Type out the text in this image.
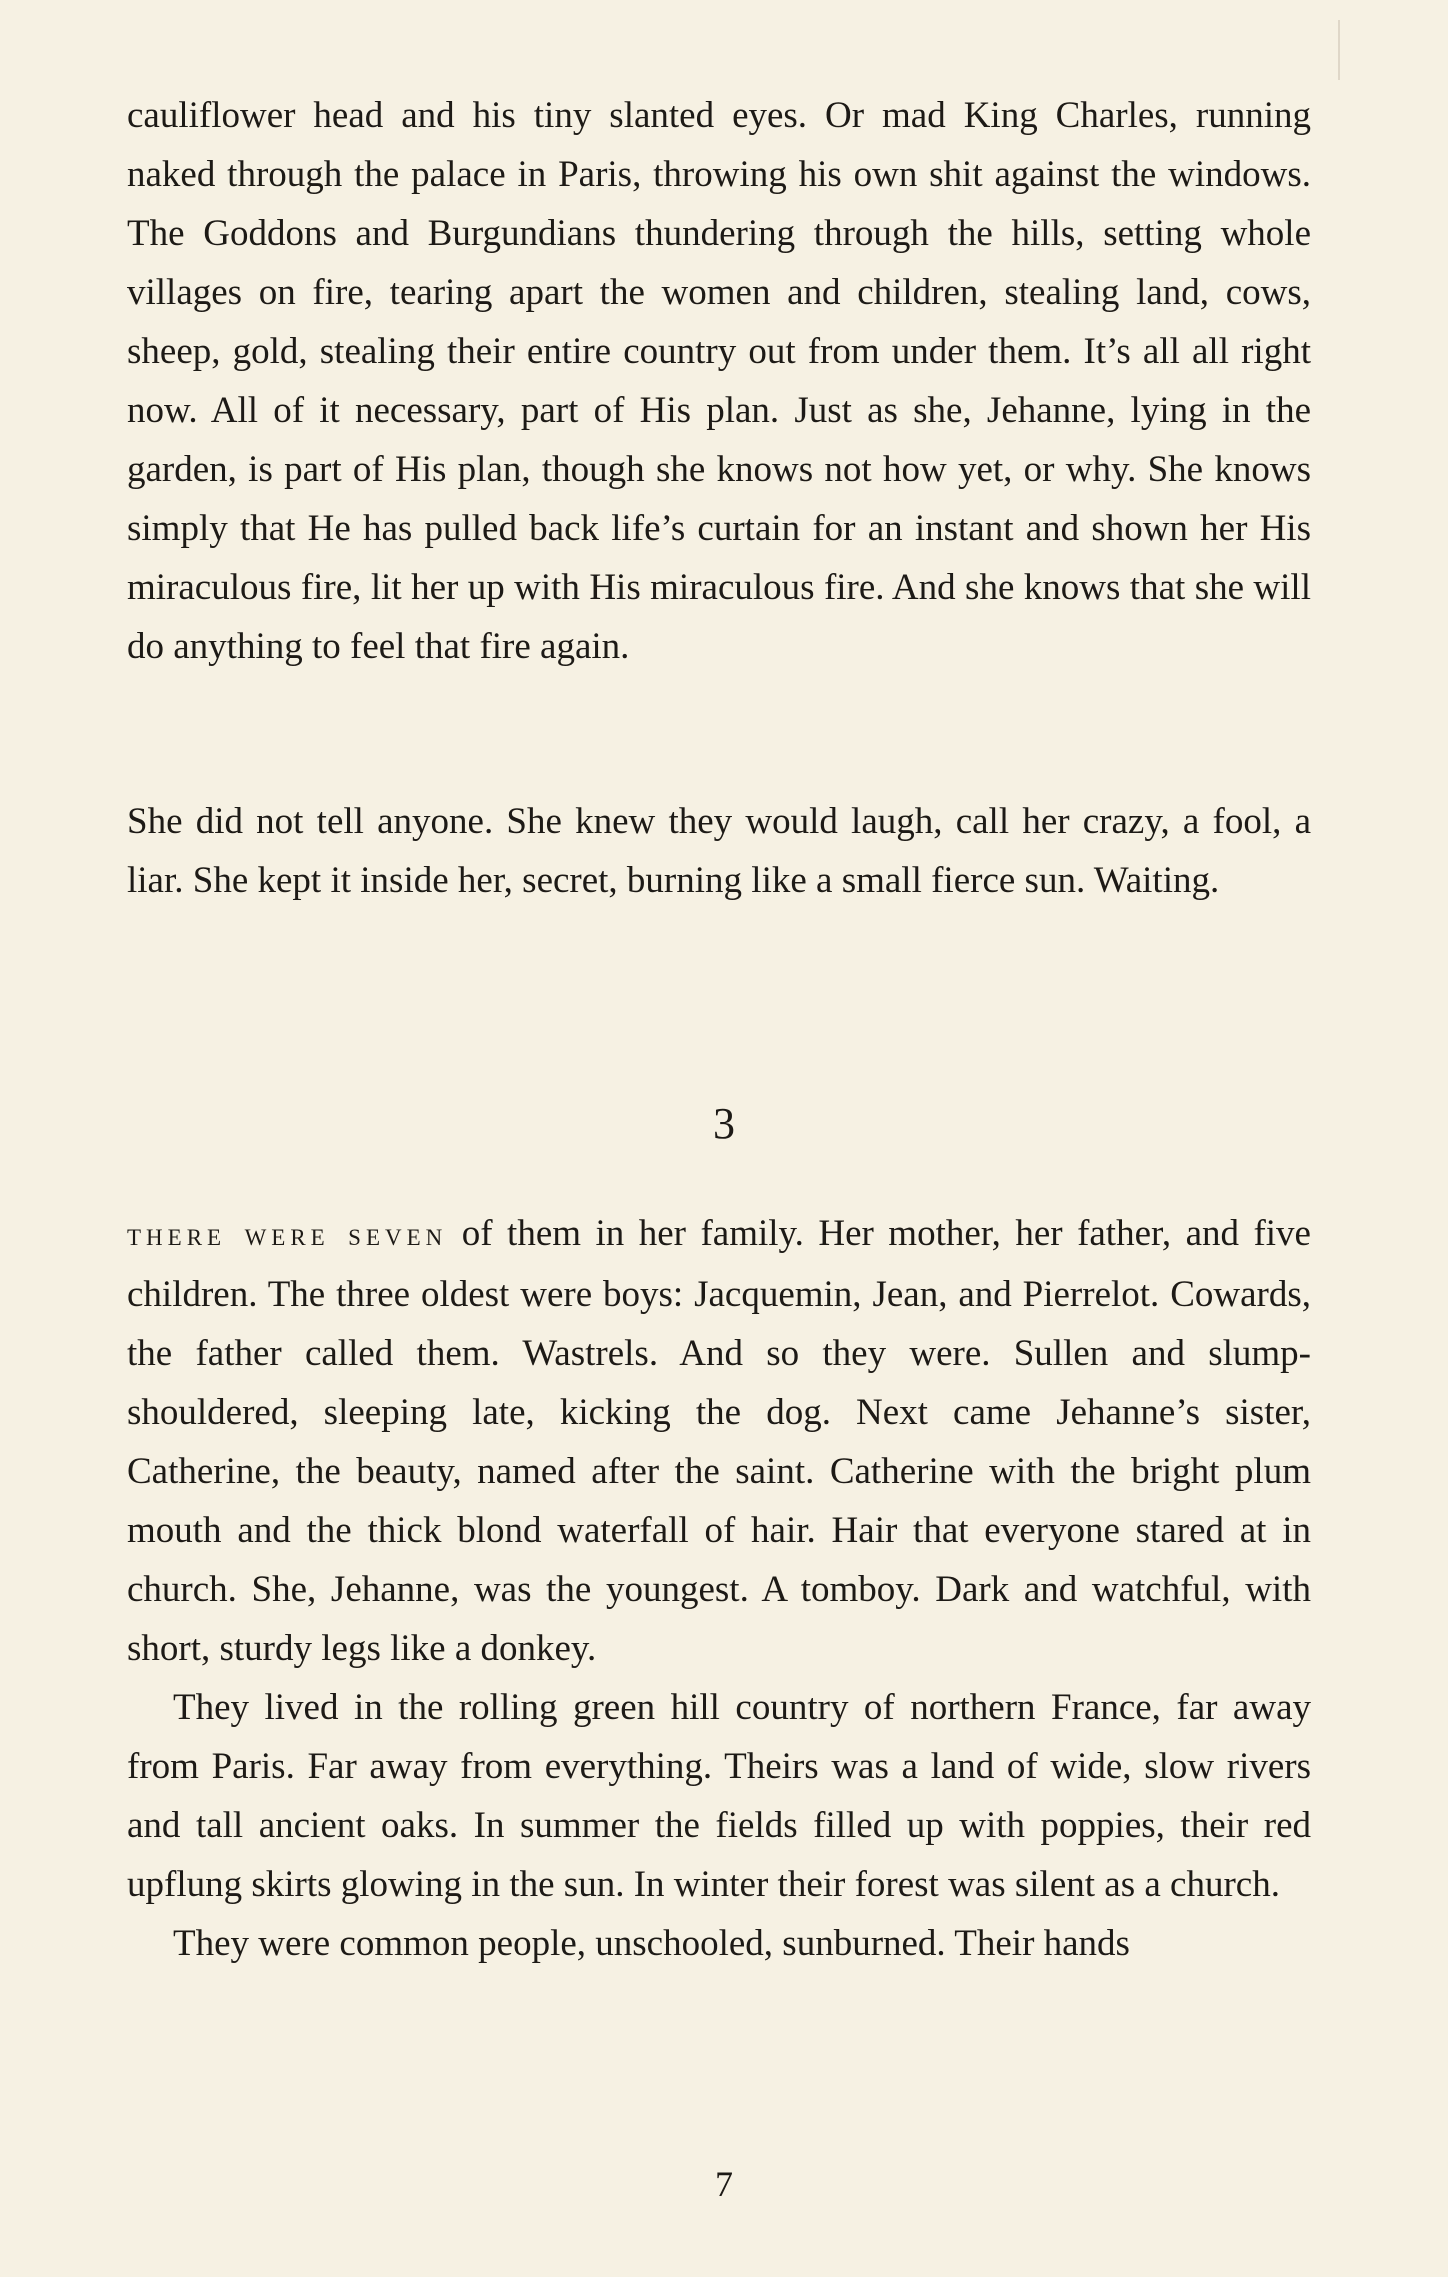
cauliflower head and his tiny slanted eyes. Or mad King Charles, running naked through the palace in Paris, throwing his own shit against the windows. The Goddons and Burgundians thundering through the hills, setting whole villages on fire, tearing apart the women and children, stealing land, cows, sheep, gold, stealing their entire country out from under them. It’s all all right now. All of it necessary, part of His plan. Just as she, Jehanne, lying in the garden, is part of His plan, though she knows not how yet, or why. She knows simply that He has pulled back life’s curtain for an instant and shown her His miraculous fire, lit her up with His miraculous fire. And she knows that she will do anything to feel that fire again.
She did not tell anyone. She knew they would laugh, call her crazy, a fool, a liar. She kept it inside her, secret, burning like a small fierce sun. Waiting.
3

there were seven of them in her family. Her mother, her father, and five children. The three oldest were boys: Jacquemin, Jean, and Pierrelot. Cowards, the father called them. Wastrels. And so they were. Sullen and slump-shouldered, sleeping late, kicking the dog. Next came Jehanne’s sister, Catherine, the beauty, named after the saint. Catherine with the bright plum mouth and the thick blond waterfall of hair. Hair that everyone stared at in church. She, Jehanne, was the youngest. A tomboy. Dark and watchful, with short, sturdy legs like a donkey.

They lived in the rolling green hill country of northern France, far away from Paris. Far away from everything. Theirs was a land of wide, slow rivers and tall ancient oaks. In summer the fields filled up with poppies, their red upflung skirts glowing in the sun. In winter their forest was silent as a church.

They were common people, unschooled, sunburned. Their hands

7
